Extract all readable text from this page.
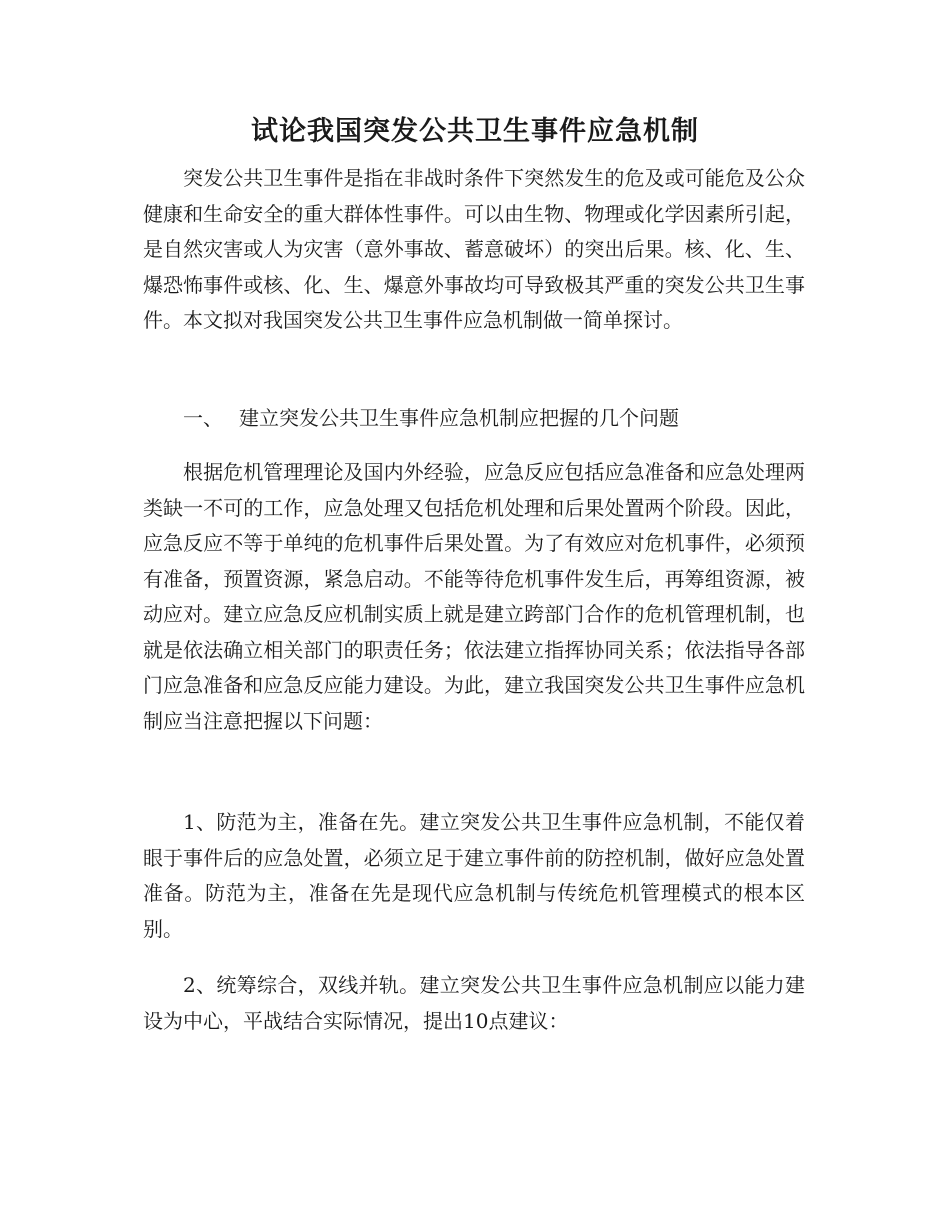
试论我国突发公共卫生事件应急机制

突发公共卫生事件是指在非战时条件下突然发生的危及或可能危及公众健康和生命安全的重大群体性事件。可以由生物、物理或化学因素所引起，是自然灾害或人为灾害（意外事故、蓄意破坏）的突出后果。核、化、生、爆恐怖事件或核、化、生、爆意外事故均可导致极其严重的突发公共卫生事件。本文拟对我国突发公共卫生事件应急机制做一简单探讨。

一、 建立突发公共卫生事件应急机制应把握的几个问题

根据危机管理理论及国内外经验，应急反应包括应急准备和应急处理两类缺一不可的工作，应急处理又包括危机处理和后果处置两个阶段。因此，应急反应不等于单纯的危机事件后果处置。为了有效应对危机事件，必须预有准备，预置资源，紧急启动。不能等待危机事件发生后，再筹组资源，被动应对。建立应急反应机制实质上就是建立跨部门合作的危机管理机制，也就是依法确立相关部门的职责任务；依法建立指挥协同关系；依法指导各部门应急准备和应急反应能力建设。为此，建立我国突发公共卫生事件应急机制应当注意把握以下问题：

1、防范为主，准备在先。建立突发公共卫生事件应急机制，不能仅着眼于事件后的应急处置，必须立足于建立事件前的防控机制，做好应急处置准备。防范为主，准备在先是现代应急机制与传统危机管理模式的根本区别。

2、统筹综合，双线并轨。建立突发公共卫生事件应急机制应以能力建设为中心，平战结合实际情况，提出10点建议：
